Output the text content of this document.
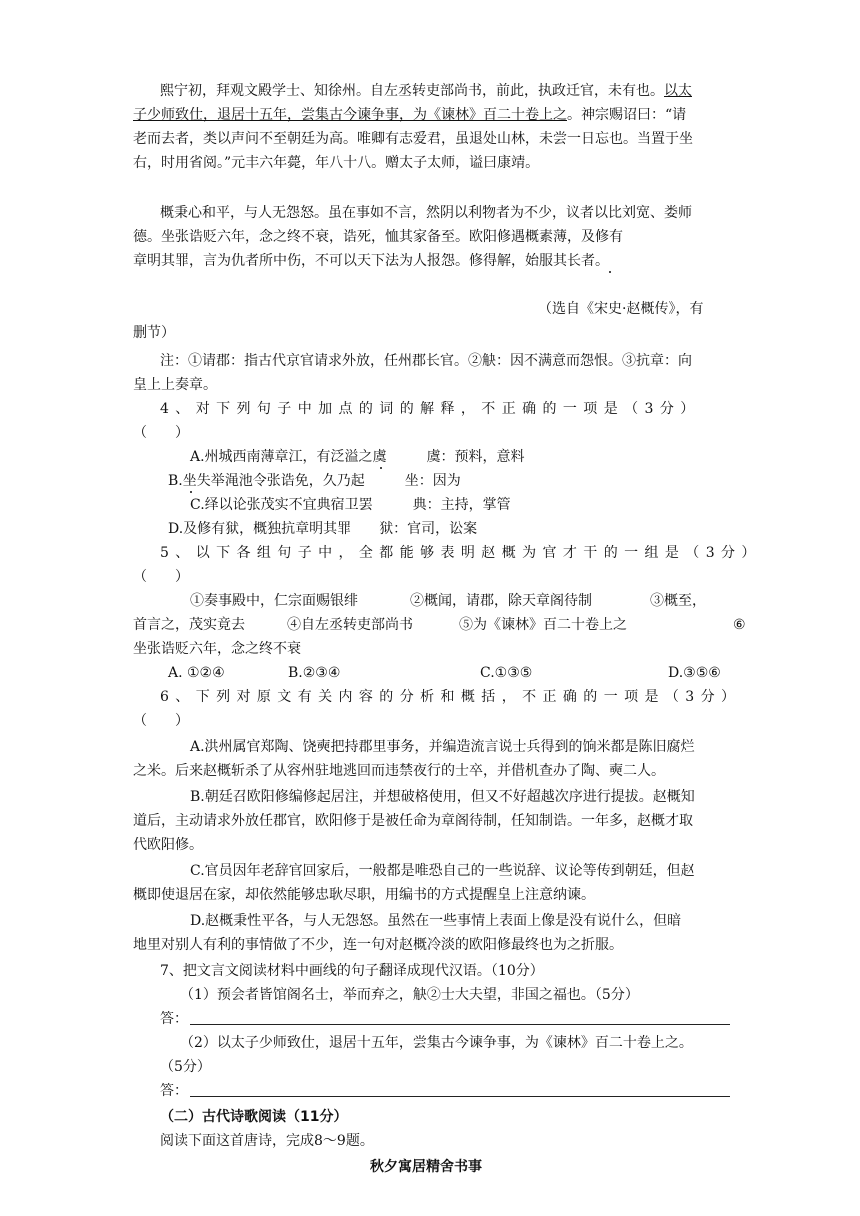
熙宁初，拜观文殿学士、知徐州。自左丞转吏部尚书，前此，执政迁官，未有也。以太
子少师致仕，退居十五年，尝集古今谏争事，为《谏林》百二十卷上之。神宗赐诏曰：“请
老而去者，类以声问不至朝廷为高。唯卿有志爱君，虽退处山林，未尝一日忘也。当置于坐
右，时用省阅。”元丰六年薨，年八十八。赠太子太师，谥曰康靖。
概秉心和平，与人无怨怒。虽在事如不言，然阴以利物者为不少，议者以比刘宽、娄师
德。坐张诰贬六年，念之终不衰，诰死，恤其家备至。欧阳修遇概素薄，及修有
章明其罪，言为仇者所中伤，不可以天下法为人报怨。修得解，始服其长者。
（选自《宋史·赵概传》，有
删节）
注：①请郡：指古代京官请求外放，任州郡长官。②觖：因不满意而怨恨。③抗章：向
皇上上奏章。
4、对下列句子中加点的词的解释，不正确的一项是（3分）
（　　）
A.州城西南薄章江，有泛溢之虞	虞：预料，意料
B.坐失举渑池令张诰免，久乃起	坐：因为
C.绎以论张茂实不宜典宿卫罢	典：主持，掌管
D.及修有狱，概独抗章明其罪 狱：官司，讼案
5、以下各组句子中，全都能够表明赵概为官才干的一组是（3分）
（　　）
①奏事殿中，仁宗面赐银绯	②概闻，请郡，除天章阁待制	③概至，
首言之，茂实竟去	④自左丞转吏部尚书	⑤为《谏林》百二十卷上之	⑥
坐张诰贬六年，念之终不衰
A. ①②④	B.②③④	C.①③⑤	D.③⑤⑥
6、下列对原文有关内容的分析和概括，不正确的一项是（3分）
（　　）
A.洪州属官郑陶、饶奭把持郡里事务，并编造流言说士兵得到的饷米都是陈旧腐烂
之米。后来赵概斩杀了从容州驻地逃回而违禁夜行的士卒，并借机查办了陶、奭二人。
B.朝廷召欧阳修编修起居注，并想破格使用，但又不好超越次序进行提拔。赵概知
道后，主动请求外放任郡官，欧阳修于是被任命为章阁待制，任知制诰。一年多，赵概才取
代欧阳修。
C.官员因年老辞官回家后，一般都是唯恐自己的一些说辞、议论等传到朝廷，但赵
概即使退居在家，却依然能够忠耿尽职，用编书的方式提醒皇上注意纳谏。
D.赵概秉性平各，与人无怨怒。虽然在一些事情上表面上像是没有说什么，但暗
地里对别人有利的事情做了不少，连一句对赵概冷淡的欧阳修最终也为之折服。
7、把文言文阅读材料中画线的句子翻译成现代汉语。（10分）
（1）预会者皆馆阁名士，举而弃之，觖②士大夫望，非国之福也。（5分）
答：
（2）以太子少师致仕，退居十五年，尝集古今谏争事，为《谏林》百二十卷上之。
（5分）
答：
（二）古代诗歌阅读（11分）
阅读下面这首唐诗，完成8～9题。
秋夕寓居精舍书事
